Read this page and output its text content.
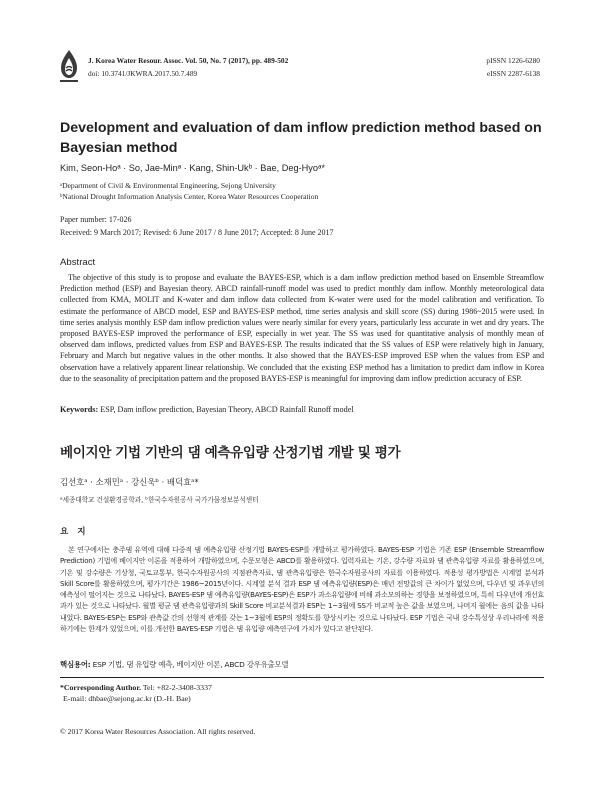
J. Korea Water Resour. Assoc. Vol. 50, No. 7 (2017), pp. 489-502
doi: 10.3741/JKWRA.2017.50.7.489
pISSN 1226-6280
eISSN 2287-6138
Development and evaluation of dam inflow prediction method based on
Bayesian method
Kim, Seon-Hoᵃ · So, Jae-Minᵃ · Kang, Shin-Ukᵇ · Bae, Deg-Hyoᵃ*
ᵃDepartment of Civil & Environmental Engineering, Sejong University
ᵇNational Drought Information Analysis Center, Korea Water Resources Cooperation
Paper number: 17-026
Received: 9 March 2017; Revised: 6 June 2017 / 8 June 2017; Accepted: 8 June 2017
Abstract

The objective of this study is to propose and evaluate the BAYES-ESP, which is a dam inflow prediction method based on Ensemble Streamflow Prediction method (ESP) and Bayesian theory. ABCD rainfall-runoff model was used to predict monthly dam inflow. Monthly meteorological data collected from KMA, MOLIT and K-water and dam inflow data collected from K-water were used for the model calibration and verification. To estimate the performance of ABCD model, ESP and BAYES-ESP method, time series analysis and skill score (SS) during 1986~2015 were used. In time series analysis monthly ESP dam inflow prediction values were nearly similar for every years, particularly less accurate in wet and dry years. The proposed BAYES-ESP improved the performance of ESP, especially in wet year. The SS was used for quantitative analysis of monthly mean of observed dam inflows, predicted values from ESP and BAYES-ESP. The results indicated that the SS values of ESP were relatively high in January, February and March but negative values in the other months. It also showed that the BAYES-ESP improved ESP when the values from ESP and observation have a relatively apparent linear relationship. We concluded that the existing ESP method has a limitation to predict dam inflow in Korea due to the seasonality of precipitation pattern and the proposed BAYES-ESP is meaningful for improving dam inflow prediction accuracy of ESP.

Keywords: ESP, Dam inflow prediction, Bayesian Theory, ABCD Rainfall Runoff model
베이지안 기법 기반의 댐 예측유입량 산정기법 개발 및 평가
김선호ᵃ · 소재민ᵃ · 강신욱ᵇ · 배덕효ᵃ*
ᵃ세종대학교 건설환경공학과, ᵇ한국수자원공사 국가가뭄정보분석센터
요 지

본 연구에서는 충주댐 유역에 대해 다중적 댐 예측유입량 산정기법 BAYES-ESP를 개발하고 평가하였다. BAYES-ESP 기법은 기존 ESP (Ensemble Streamflow Prediction) 기법에 베이지안 이론을 적용하여 개발하였으며, 수문모형은 ABCD를 활용하였다. 입력자료는 기온, 강수량 자료와 댐 관측유입량 자료를 활용하였으며, 기온 및 강수량은 기상청, 국토교통부, 한국수자원공사의 지점관측자료, 댐 관측유입량은 한국수자원공사의 자료를 이용하였다. 적용성 평가방법은 시계열 분석과 Skill Score를 활용하였으며, 평가기간은 1986~2015년이다. 시계열 분석 결과 ESP 댐 예측유입량(ESP)은 매년 전망값의 큰 차이가 없었으며, 다우년 및 과우년의 예측성이 떨어지는 것으로 나타났다. BAYES-ESP 댐 예측유입량(BAYES-ESP)은 ESP가 과소유입량에 비해 과소모의하는 경향을 보정하였으며, 특히 다우년에 개선효과가 있는 것으로 나타났다. 월별 평균 댐 관측유입량과의 Skill Score 비교분석결과 ESP는 1~3월에 SS가 비교적 높은 값을 보였으며, 나머지 월에는 음의 값을 나타내었다. BAYES-ESP는 ESP와 관측값 간의 선형적 관계를 갖는 1~3월에 ESP의 정확도를 향상시키는 것으로 나타났다. ESP 기법은 국내 강수특성상 우리나라에 적용하기에는 한계가 있었으며, 이를 개선한 BAYES-ESP 기법은 댐 유입량 예측연구에 가치가 있다고 판단된다.

핵심용어: ESP 기법, 댐 유입량 예측, 베이지안 이론, ABCD 강우유출모델
*Corresponding Author. Tel: +82-2-3408-3337
E-mail: dhbae@sejong.ac.kr (D.-H. Bae)
© 2017 Korea Water Resources Association. All rights reserved.
